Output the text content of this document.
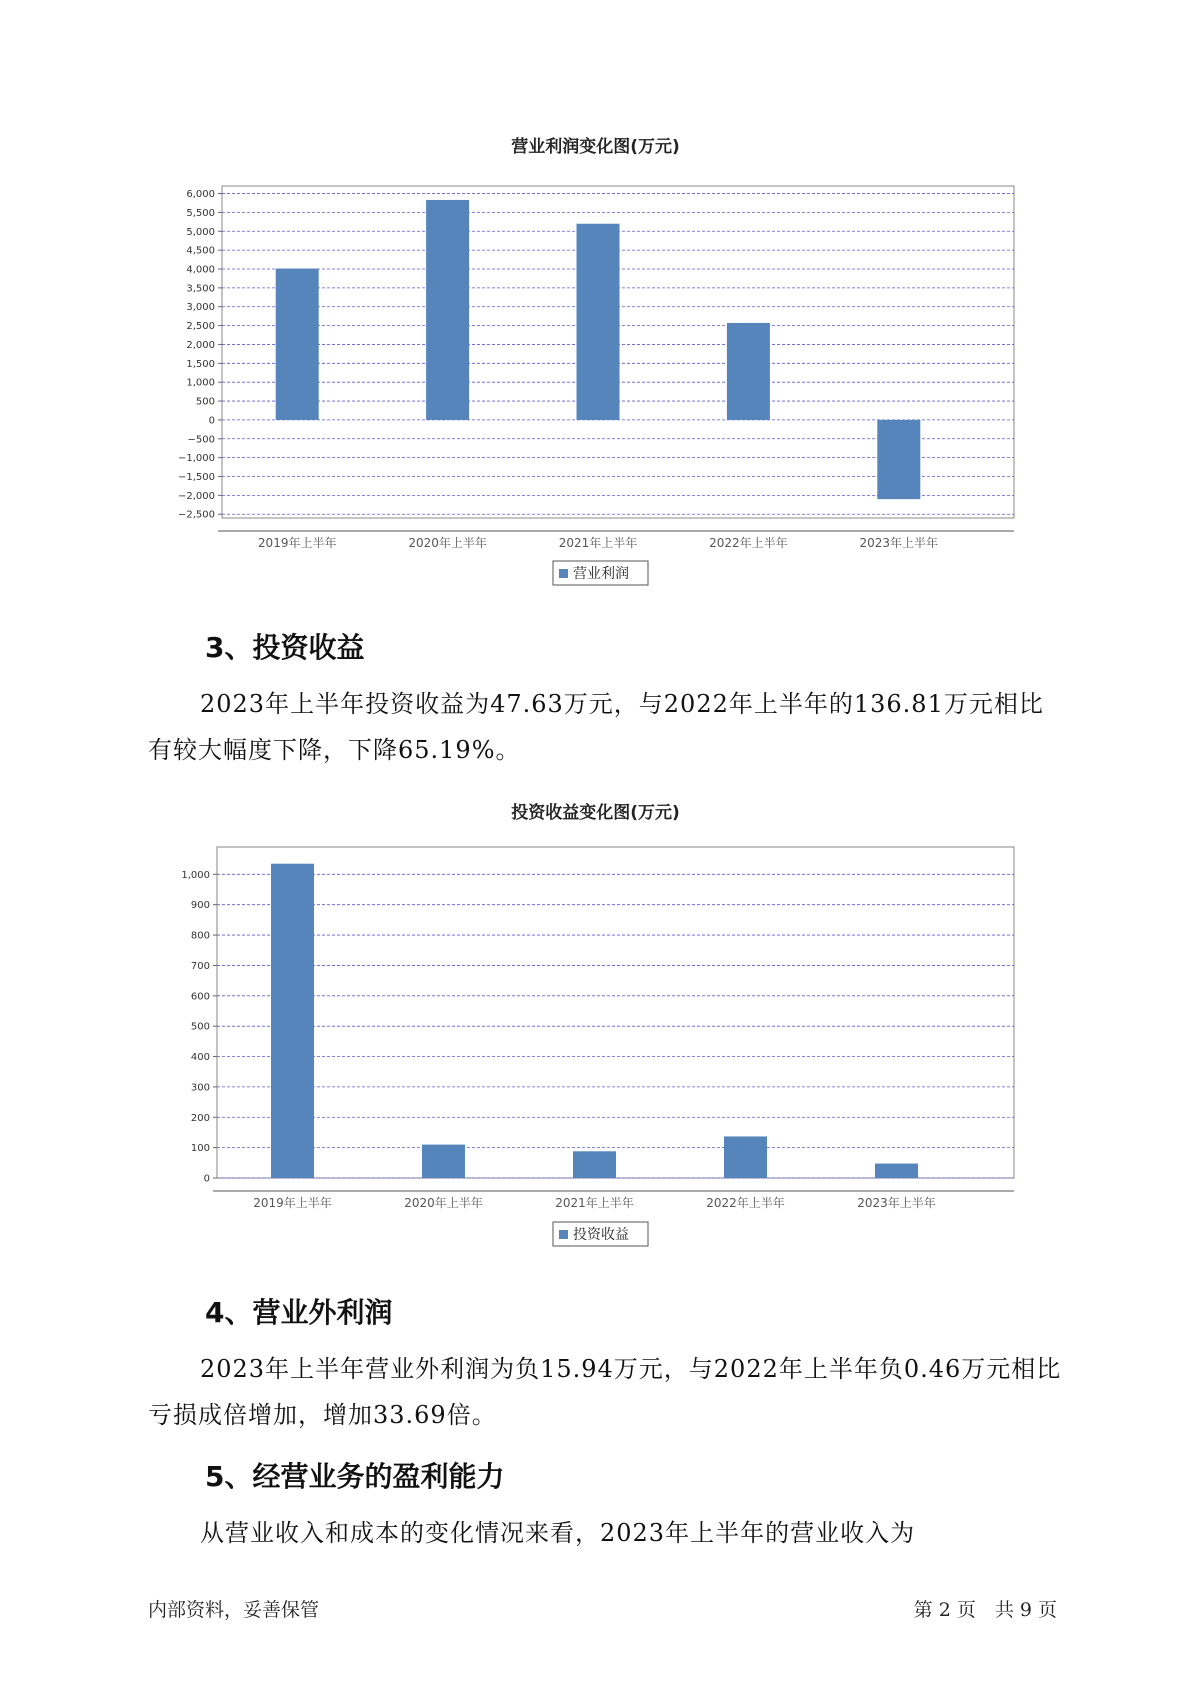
营业利润变化图(万元)
−2,500
−2,000
−1,500
−1,000
−500
0
500
1,000
1,500
2,000
2,500
3,000
3,500
4,000
4,500
5,000
5,500
6,000
2019年上半年	2020年上半年	2021年上半年	2022年上半年	2023年上半年
营业利润
3、投资收益

2023年上半年投资收益为47.63万元，与2022年上半年的136.81万元相比有较大幅度下降，下降65.19%。

投资收益变化图(万元)
0
100
200
300
400
500
600
700
800
900
1,000
2019年上半年	2020年上半年	2021年上半年	2022年上半年	2023年上半年
投资收益
4、营业外利润

2023年上半年营业外利润为负15.94万元，与2022年上半年负0.46万元相比亏损成倍增加，增加33.69倍。

5、经营业务的盈利能力

从营业收入和成本的变化情况来看，2023年上半年的营业收入为

内部资料，妥善保管	第 2 页　共 9 页
